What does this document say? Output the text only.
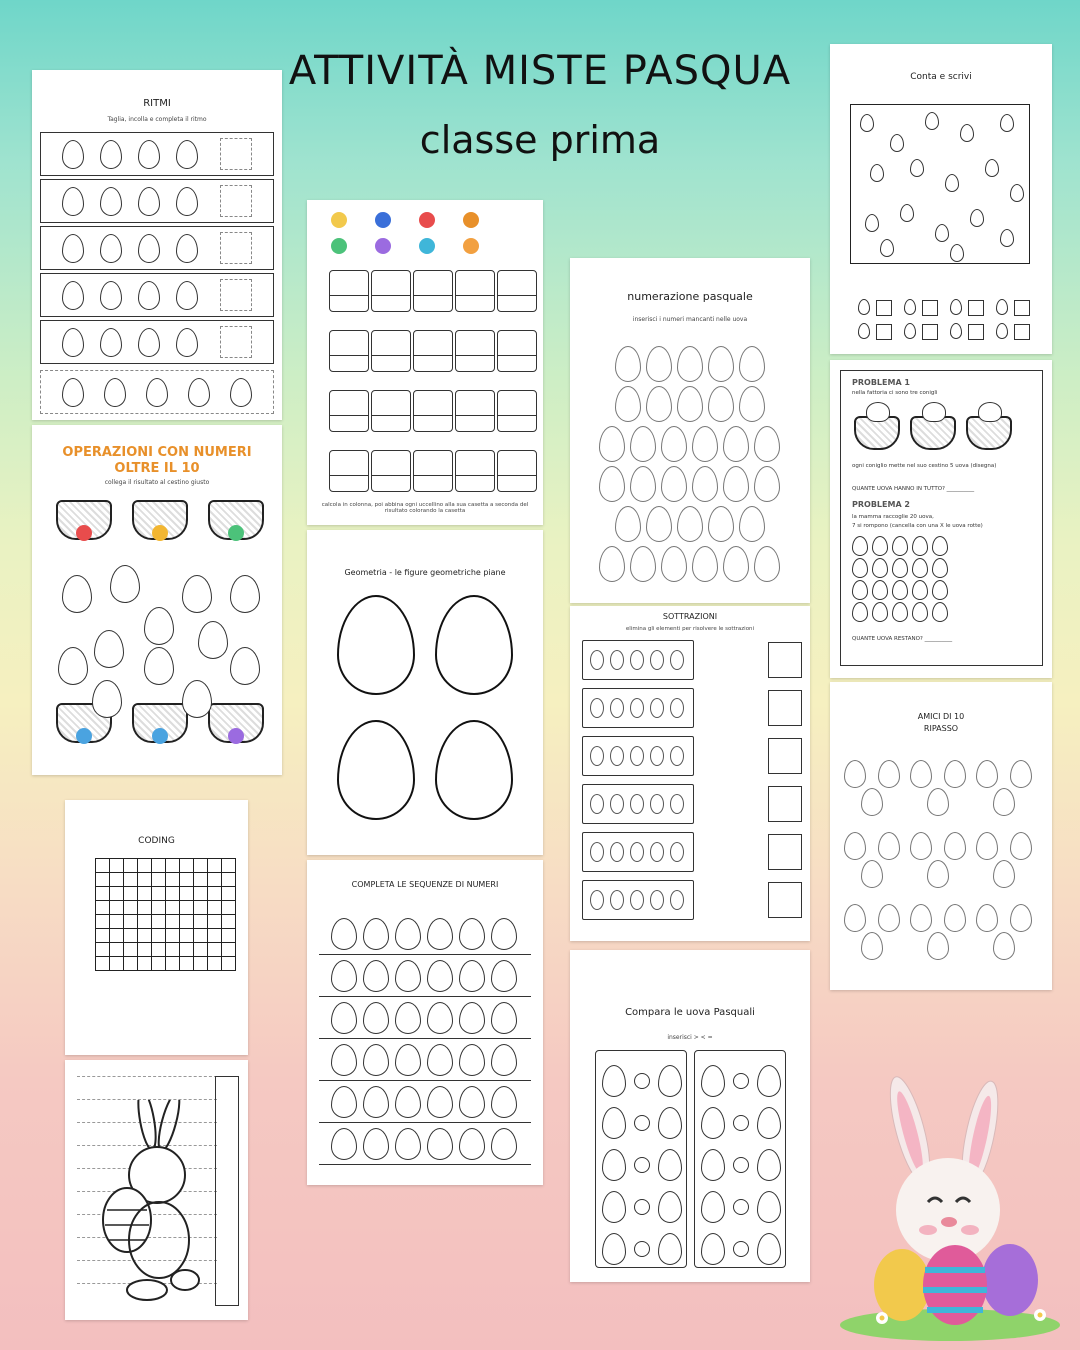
ATTIVITÀ MISTE PASQUA
classe prima
RITMI
Taglia, incolla e completa il ritmo
OPERAZIONI CON NUMERI
OLTRE IL 10
collega il risultato al cestino giusto
CODING
calcola in colonna, poi abbina ogni uccellino alla sua casetta a seconda del risultato colorando la casetta
Geometria - le figure geometriche piane
COMPLETA LE SEQUENZE DI NUMERI
numerazione pasquale
inserisci i numeri mancanti nelle uova
SOTTRAZIONI
elimina gli elementi per risolvere le sottrazioni
Compara le uova Pasquali
inserisci > < =
Conta e scrivi
PROBLEMA 1
nella fattoria ci sono tre conigli
ogni coniglio mette nel suo cestino 5 uova (disegna)
QUANTE UOVA HANNO IN TUTTO? __________
PROBLEMA 2
la mamma raccoglie 20 uova,
7 si rompono (cancella con una X le uova rotte)
QUANTE UOVA RESTANO? __________
AMICI DI 10
RIPASSO
